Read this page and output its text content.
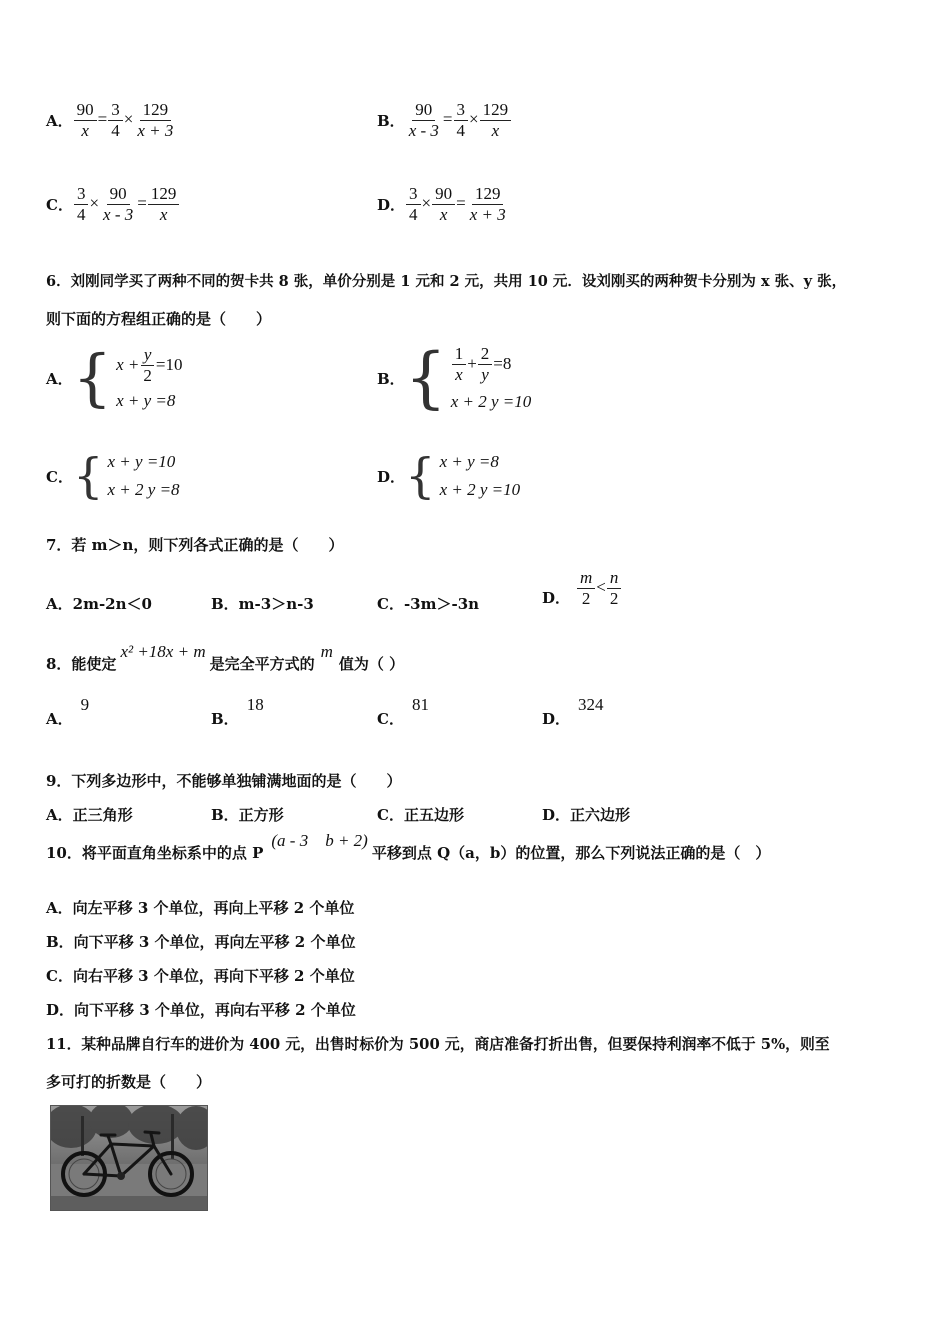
A． $\frac{90}{x} = \frac{3}{4} \times \frac{129}{x + 3}$	B． $\frac{90}{x - 3} = \frac{3}{4} \times \frac{129}{x}$
C． $\frac{3}{4} \times \frac{90}{x - 3} = \frac{129}{x}$	D． $\frac{3}{4} \times \frac{90}{x} = \frac{129}{x + 3}$
6．刘刚同学买了两种不同的贺卡共 8 张，单价分别是 1 元和 2 元，共用 10 元．设刘刚买的两种贺卡分别为 x 张、y 张，
则下面的方程组正确的是（　　）
A． { $x + \frac{y}{2} =10$
x + y =8
B． { $\frac{1}{x} + \frac{2}{y} =8$
x + 2 y =10
C． { x + y =10
x + 2 y =8
D． { x + y =8
x + 2 y =10
7．若 m＞n，则下列各式正确的是（　　）
A．2m-2n＜0	B．m-3＞n-3	C．-3m＞-3n	D． $\frac{m}{2} < \frac{n}{2}$
8．能使定
x² +18x + m
是完全平方式的
m
值为（ ）
A．
9
B．
18
C．
81
D．
324
9．下列多边形中，不能够单独铺满地面的是（　　）
A．正三角形	B．正方形	C．正五边形	D．正六边形
10．将平面直角坐标系中的点 P
(a - 3　b + 2)
平移到点 Q（a，b）的位置，那么下列说法正确的是（　）
A．向左平移 3 个单位，再向上平移 2 个单位
B．向下平移 3 个单位，再向左平移 2 个单位
C．向右平移 3 个单位，再向下平移 2 个单位
D．向下平移 3 个单位，再向右平移 2 个单位
11．某种品牌自行车的进价为 400 元，出售时标价为 500 元，商店准备打折出售，但要保持利润率不低于 5%，则至
多可打的折数是（　　）
